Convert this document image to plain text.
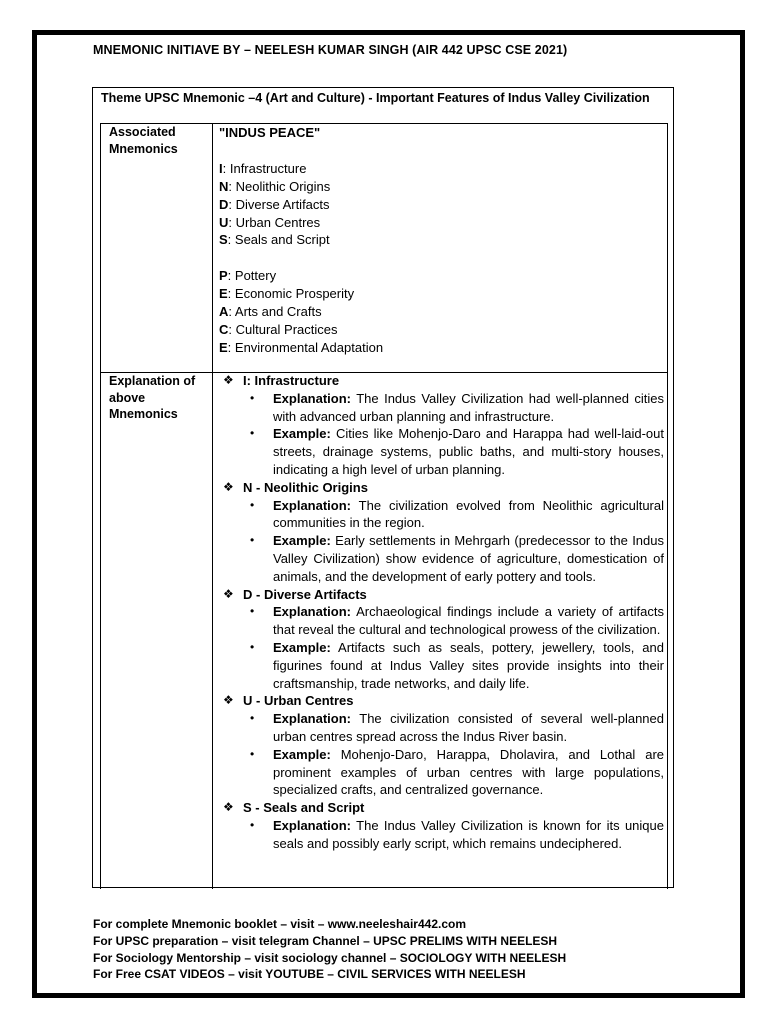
MNEMONIC INITIAVE BY – NEELESH KUMAR SINGH (AIR 442 UPSC CSE 2021)
Theme UPSC Mnemonic –4 (Art and Culture) - Important Features of Indus Valley Civilization
Associated
Mnemonics
"INDUS PEACE"
I: Infrastructure
N: Neolithic Origins
D: Diverse Artifacts
U: Urban Centres
S: Seals and Script
P: Pottery
E: Economic Prosperity
A: Arts and Crafts
C: Cultural Practices
E: Environmental Adaptation
Explanation of
above
Mnemonics
❖ I: Infrastructure
• Explanation: The Indus Valley Civilization had well-planned cities with advanced urban planning and infrastructure.
• Example: Cities like Mohenjo-Daro and Harappa had well-laid-out streets, drainage systems, public baths, and multi-story houses, indicating a high level of urban planning.
❖ N - Neolithic Origins
• Explanation: The civilization evolved from Neolithic agricultural communities in the region.
• Example: Early settlements in Mehrgarh (predecessor to the Indus Valley Civilization) show evidence of agriculture, domestication of animals, and the development of early pottery and tools.
❖ D - Diverse Artifacts
• Explanation: Archaeological findings include a variety of artifacts that reveal the cultural and technological prowess of the civilization.
• Example: Artifacts such as seals, pottery, jewellery, tools, and figurines found at Indus Valley sites provide insights into their craftsmanship, trade networks, and daily life.
❖ U - Urban Centres
• Explanation: The civilization consisted of several well-planned urban centres spread across the Indus River basin.
• Example: Mohenjo-Daro, Harappa, Dholavira, and Lothal are prominent examples of urban centres with large populations, specialized crafts, and centralized governance.
❖ S - Seals and Script
• Explanation: The Indus Valley Civilization is known for its unique seals and possibly early script, which remains undeciphered.
For complete Mnemonic booklet – visit – www.neeleshair442.com
For UPSC preparation – visit telegram Channel – UPSC PRELIMS WITH NEELESH
For Sociology Mentorship – visit sociology channel – SOCIOLOGY WITH NEELESH
For Free CSAT VIDEOS – visit YOUTUBE – CIVIL SERVICES WITH NEELESH
